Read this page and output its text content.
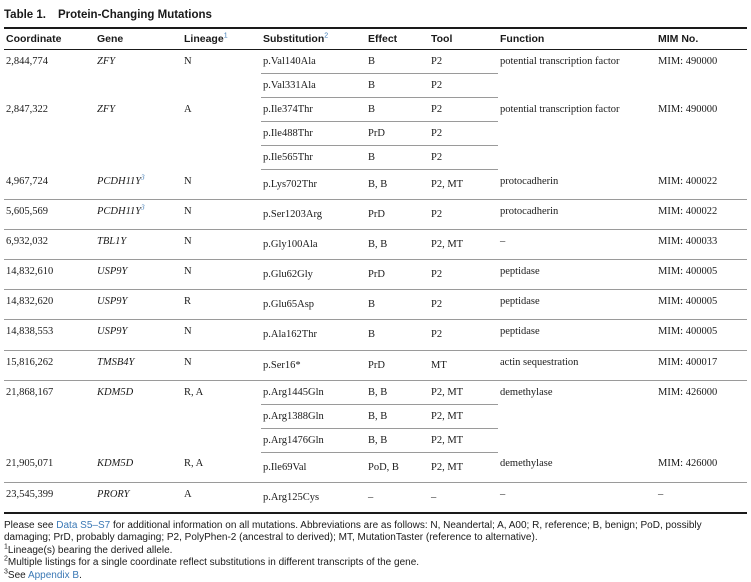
Table 1. Protein-Changing Mutations
Coordinate	Gene	Lineage$^1$	Substitution$^2$	Effect	Tool	Function	MIM No.
2,844,774	ZFY	N	p.Val140Ala	B	P2	potential transcription factor	MIM: 490000
			p.Val331Ala	B	P2		
2,847,322	ZFY	A	p.Ile374Thr	B	P2	potential transcription factor	MIM: 490000
			p.Ile488Thr	PrD	P2		
			p.Ile565Thr	B	P2		
4,967,724	$PCDH11Y^3$	N	p.Lys702Thr	B, B	P2, MT	protocadherin	MIM: 400022
5,605,569	$PCDH11Y^3$	N	p.Ser1203Arg	PrD	P2	protocadherin	MIM: 400022
6,932,032	TBL1Y	N	p.Gly100Ala	B, B	P2, MT	–	MIM: 400033
14,832,610	USP9Y	N	p.Glu62Gly	PrD	P2	peptidase	MIM: 400005
14,832,620	USP9Y	R	p.Glu65Asp	B	P2	peptidase	MIM: 400005
14,838,553	USP9Y	N	p.Ala162Thr	B	P2	peptidase	MIM: 400005
15,816,262	TMSB4Y	N	p.Ser16*	PrD	MT	actin sequestration	MIM: 400017
21,868,167	KDM5D	R, A	p.Arg1445Gln	B, B	P2, MT	demethylase	MIM: 426000
			p.Arg1388Gln	B, B	P2, MT		
			p.Arg1476Gln	B, B	P2, MT		
21,905,071	KDM5D	R, A	p.Ile69Val	PoD, B	P2, MT	demethylase	MIM: 426000
23,545,399	PRORY	A	p.Arg125Cys	–	–	–	–

Please see Data S5–S7 for additional information on all mutations. Abbreviations are as follows: N, Neandertal; A, A00; R, reference; B, benign; PoD, possibly damaging; PrD, probably damaging; P2, PolyPhen-2 (ancestral to derived); MT, MutationTaster (reference to alternative).

$^1$Lineage(s) bearing the derived allele.

$^2$Multiple listings for a single coordinate reflect substitutions in different transcripts of the gene.

$^3$See Appendix B.
